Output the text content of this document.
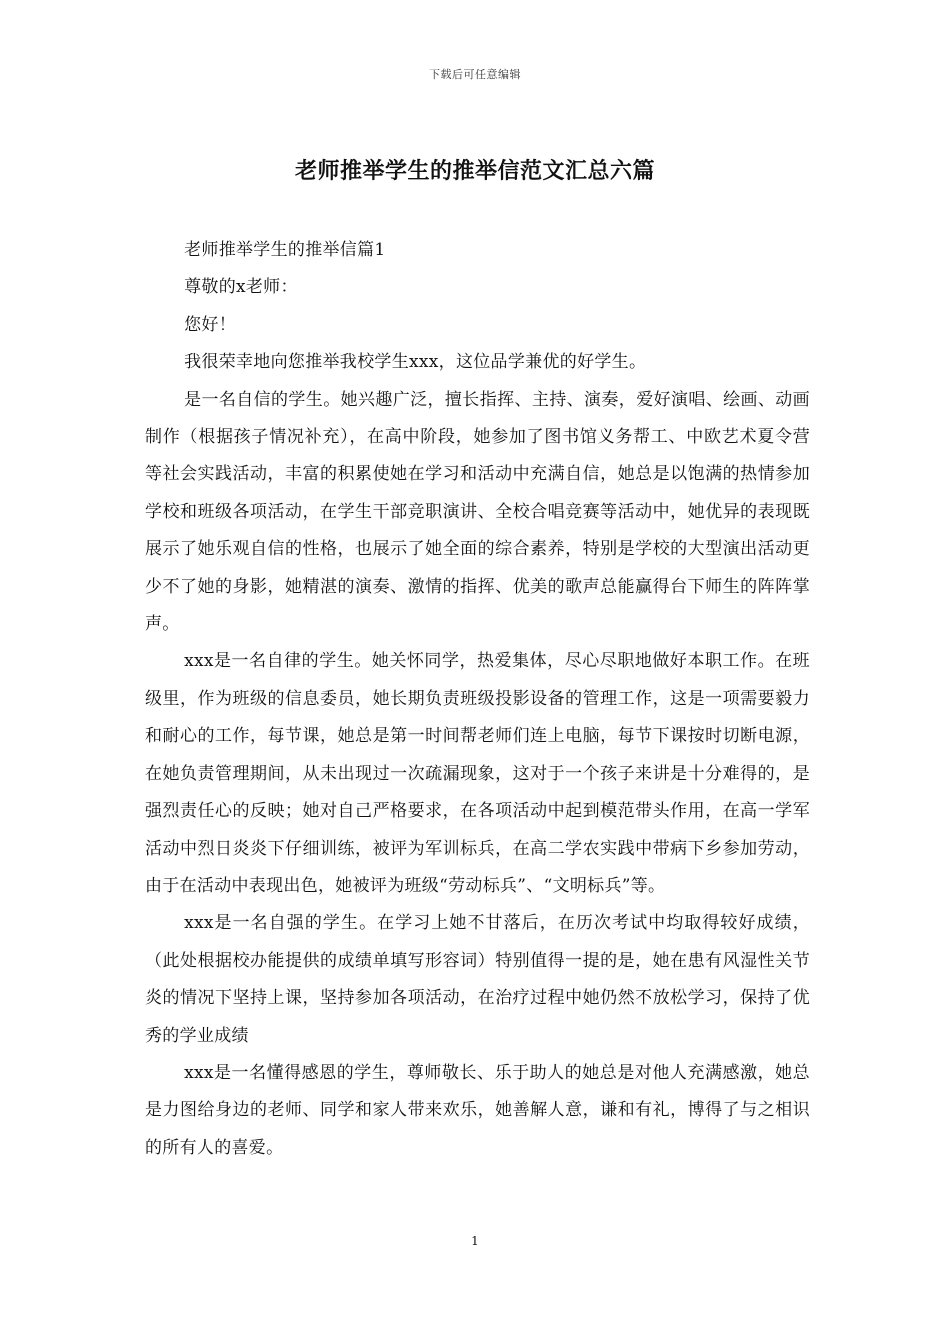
下载后可任意编辑
老师推举学生的推举信范文汇总六篇

老师推举学生的推举信篇1

尊敬的x老师：

您好！

我很荣幸地向您推举我校学生xxx，这位品学兼优的好学生。

是一名自信的学生。她兴趣广泛，擅长指挥、主持、演奏，爱好演唱、绘画、动画制作（根据孩子情况补充），在高中阶段，她参加了图书馆义务帮工、中欧艺术夏令营等社会实践活动，丰富的积累使她在学习和活动中充满自信，她总是以饱满的热情参加学校和班级各项活动，在学生干部竞职演讲、全校合唱竞赛等活动中，她优异的表现既展示了她乐观自信的性格，也展示了她全面的综合素养，特别是学校的大型演出活动更少不了她的身影，她精湛的演奏、激情的指挥、优美的歌声总能赢得台下师生的阵阵掌声。

xxx是一名自律的学生。她关怀同学，热爱集体，尽心尽职地做好本职工作。在班级里，作为班级的信息委员，她长期负责班级投影设备的管理工作，这是一项需要毅力和耐心的工作，每节课，她总是第一时间帮老师们连上电脑，每节下课按时切断电源，在她负责管理期间，从未出现过一次疏漏现象，这对于一个孩子来讲是十分难得的，是强烈责任心的反映；她对自己严格要求，在各项活动中起到模范带头作用，在高一学军活动中烈日炎炎下仔细训练，被评为军训标兵，在高二学农实践中带病下乡参加劳动，由于在活动中表现出色，她被评为班级“劳动标兵”、“文明标兵”等。

xxx是一名自强的学生。在学习上她不甘落后，在历次考试中均取得较好成绩，（此处根据校办能提供的成绩单填写形容词）特别值得一提的是，她在患有风湿性关节炎的情况下坚持上课，坚持参加各项活动，在治疗过程中她仍然不放松学习，保持了优秀的学业成绩

xxx是一名懂得感恩的学生，尊师敬长、乐于助人的她总是对他人充满感激，她总是力图给身边的老师、同学和家人带来欢乐，她善解人意，谦和有礼，博得了与之相识的所有人的喜爱。

1
